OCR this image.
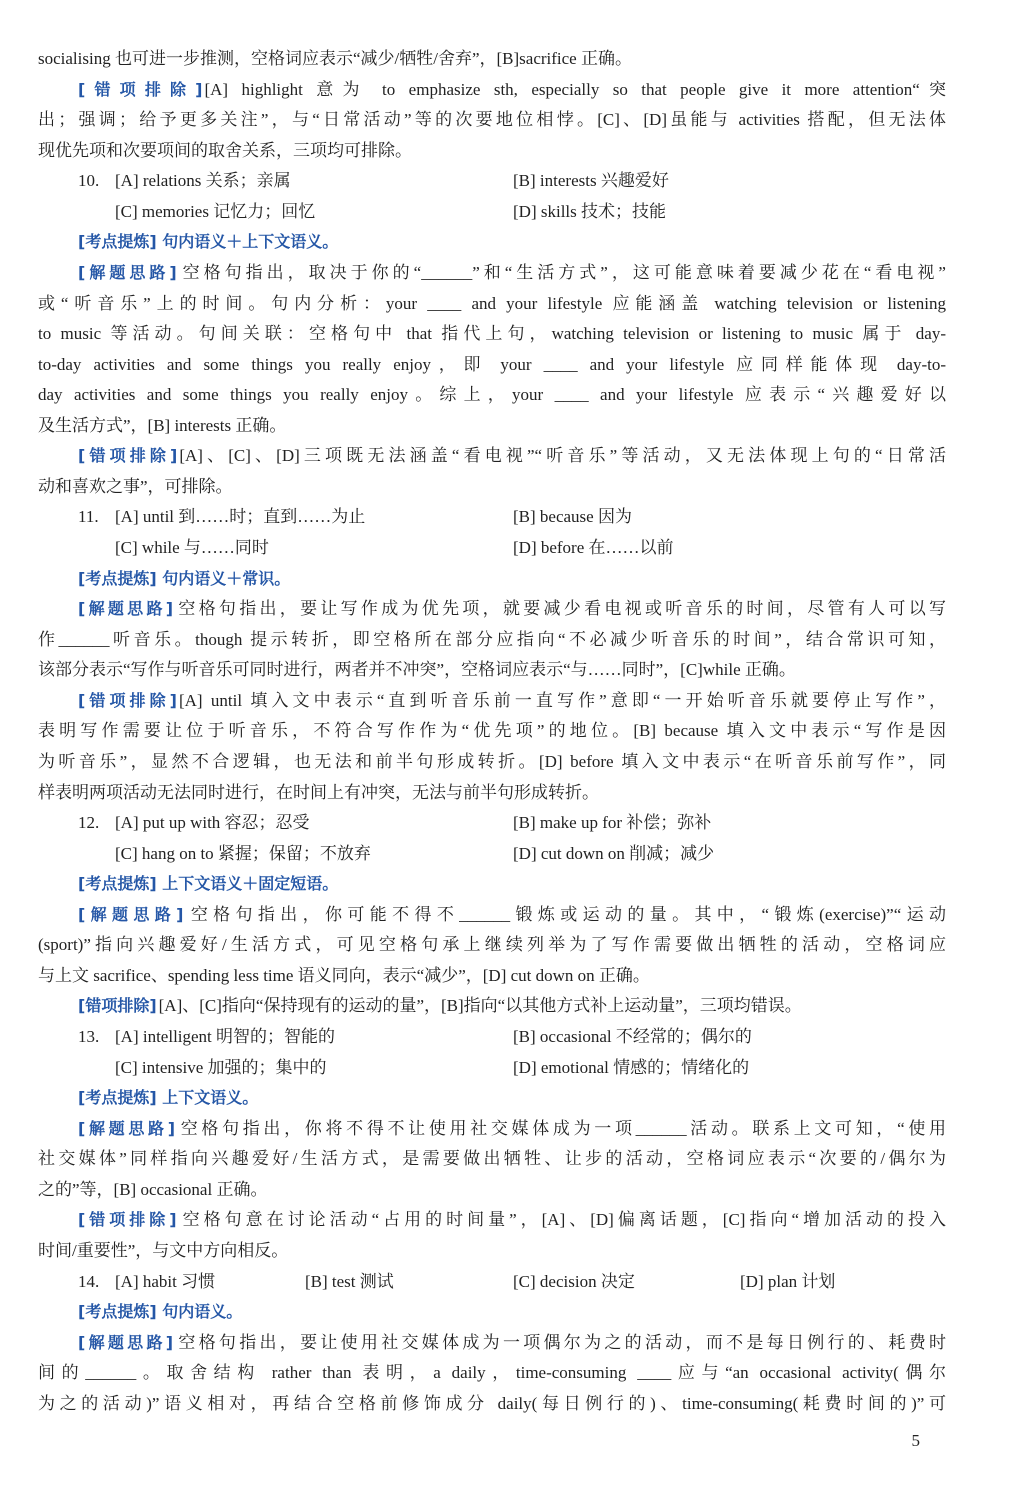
socialising 也可进一步推测，空格词应表示“减少/牺牲/舍弃”，[B]sacrifice 正确。
[错项排除] [A] highlight 意为 to emphasize sth, especially so that people give it more attention“突
出；强调；给予更多关注”，与“日常活动”等的次要地位相悖。[C]、[D]虽能与 activities 搭配，但无法体
现优先项和次要项间的取舍关系，三项均可排除。
10. [A] relations 关系；亲属	[B] interests 兴趣爱好
[C] memories 记忆力；回忆	[D] skills 技术；技能
[考点提炼] 句内语义＋上下文语义。
[解题思路] 空格句指出，取决于你的“______”和“生活方式”，这可能意味着要减少花在“看电视”
或“听音乐”上的时间。句内分析：your ____ and your lifestyle 应能涵盖 watching television or listening
to music 等活动。句间关联：空格句中 that 指代上句，watching television or listening to music 属于 day-
to-day activities and some things you really enjoy，即 your ____ and your lifestyle 应同样能体现 day-to-
day activities and some things you really enjoy。综上，your ____ and your lifestyle 应表示“兴趣爱好以
及生活方式”，[B] interests 正确。
[错项排除] [A]、[C]、[D]三项既无法涵盖“看电视”“听音乐”等活动，又无法体现上句的“日常活
动和喜欢之事”，可排除。
11. [A] until 到……时；直到……为止	[B] because 因为
[C] while 与……同时	[D] before 在……以前
[考点提炼] 句内语义＋常识。
[解题思路] 空格句指出，要让写作成为优先项，就要减少看电视或听音乐的时间，尽管有人可以写
作______听音乐。though 提示转折，即空格所在部分应指向“不必减少听音乐的时间”，结合常识可知，
该部分表示“写作与听音乐可同时进行，两者并不冲突”，空格词应表示“与……同时”，[C]while 正确。
[错项排除] [A] until 填入文中表示“直到听音乐前一直写作”意即“一开始听音乐就要停止写作”，
表明写作需要让位于听音乐，不符合写作作为“优先项”的地位。[B] because 填入文中表示“写作是因
为听音乐”，显然不合逻辑，也无法和前半句形成转折。[D] before 填入文中表示“在听音乐前写作”，同
样表明两项活动无法同时进行，在时间上有冲突，无法与前半句形成转折。
12. [A] put up with 容忍；忍受	[B] make up for 补偿；弥补
[C] hang on to 紧握；保留；不放弃	[D] cut down on 削减；减少
[考点提炼] 上下文语义＋固定短语。
[解题思路] 空格句指出，你可能不得不______锻炼或运动的量。其中，“锻炼(exercise)”“运动
(sport)”指向兴趣爱好/生活方式，可见空格句承上继续列举为了写作需要做出牺牲的活动，空格词应
与上文 sacrifice、spending less time 语义同向，表示“减少”，[D] cut down on 正确。
[错项排除] [A]、[C]指向“保持现有的运动的量”，[B]指向“以其他方式补上运动量”，三项均错误。
13. [A] intelligent 明智的；智能的	[B] occasional 不经常的；偶尔的
[C] intensive 加强的；集中的	[D] emotional 情感的；情绪化的
[考点提炼] 上下文语义。
[解题思路] 空格句指出，你将不得不让使用社交媒体成为一项______活动。联系上文可知，“使用
社交媒体”同样指向兴趣爱好/生活方式，是需要做出牺牲、让步的活动，空格词应表示“次要的/偶尔为
之的”等，[B] occasional 正确。
[错项排除] 空格句意在讨论活动“占用的时间量”，[A]、[D]偏离话题，[C]指向“增加活动的投入
时间/重要性”，与文中方向相反。
14. [A] habit 习惯	[B] test 测试	[C] decision 决定	[D] plan 计划
[考点提炼] 句内语义。
[解题思路] 空格句指出，要让使用社交媒体成为一项偶尔为之的活动，而不是每日例行的、耗费时
间的______。取舍结构 rather than 表明，a daily，time-consuming ____应与“an occasional activity(偶尔
为之的活动)”语义相对，再结合空格前修饰成分 daily(每日例行的)、time-consuming(耗费时间的)”可
5
